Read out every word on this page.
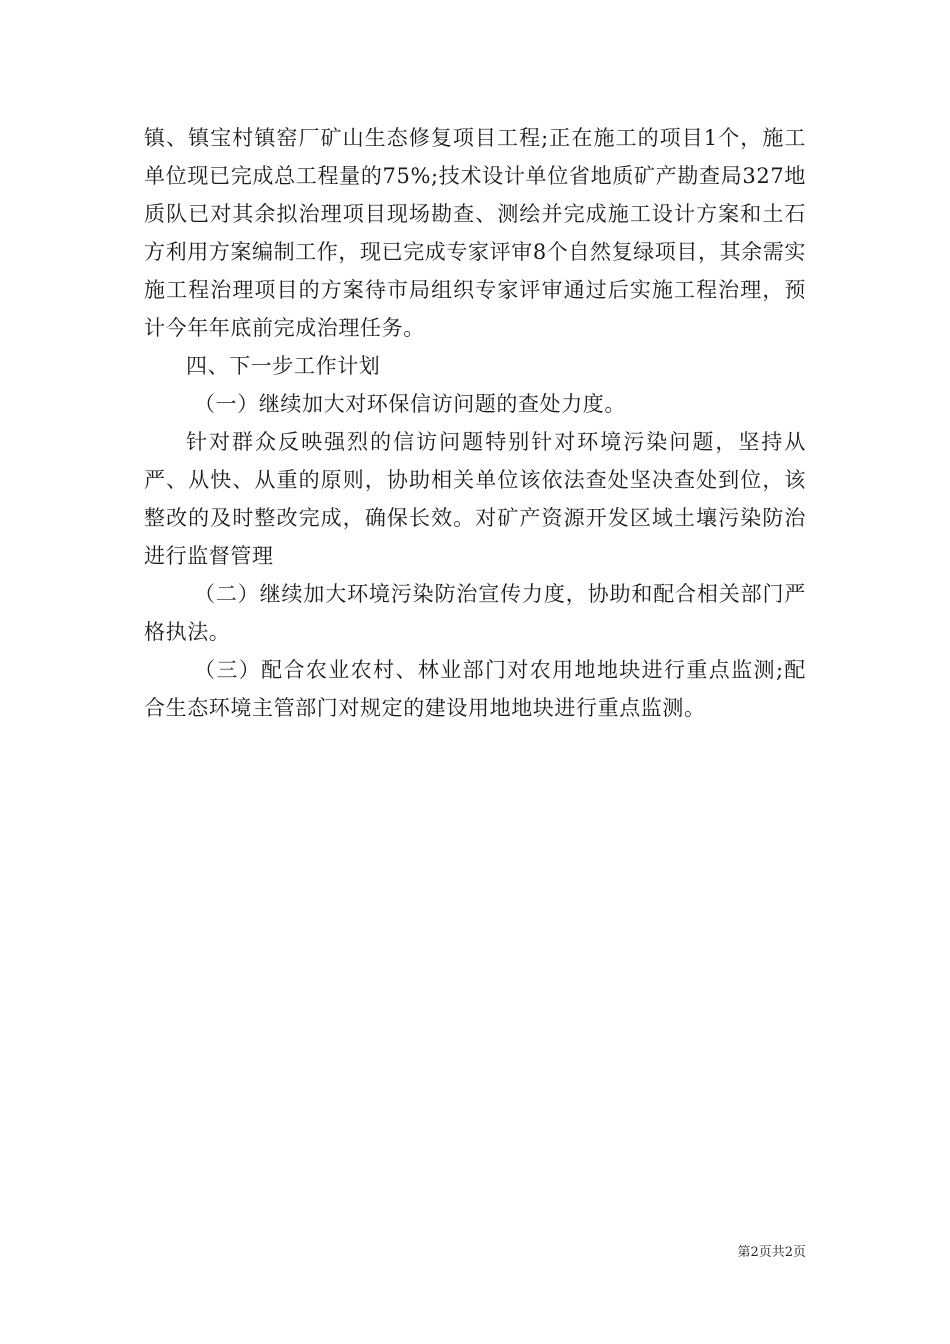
镇、镇宝村镇窑厂矿山生态修复项目工程;正在施工的项目1个，施工单位现已完成总工程量的75%;技术设计单位省地质矿产勘查局327地质队已对其余拟治理项目现场勘查、测绘并完成施工设计方案和土石方利用方案编制工作，现已完成专家评审8个自然复绿项目，其余需实施工程治理项目的方案待市局组织专家评审通过后实施工程治理，预计今年年底前完成治理任务。

四、下一步工作计划

（一）继续加大对环保信访问题的查处力度。

针对群众反映强烈的信访问题特别针对环境污染问题，坚持从严、从快、从重的原则，协助相关单位该依法查处坚决查处到位，该整改的及时整改完成，确保长效。对矿产资源开发区域土壤污染防治进行监督管理

（二）继续加大环境污染防治宣传力度，协助和配合相关部门严格执法。

（三）配合农业农村、林业部门对农用地地块进行重点监测;配合生态环境主管部门对规定的建设用地地块进行重点监测。

第2页共2页
